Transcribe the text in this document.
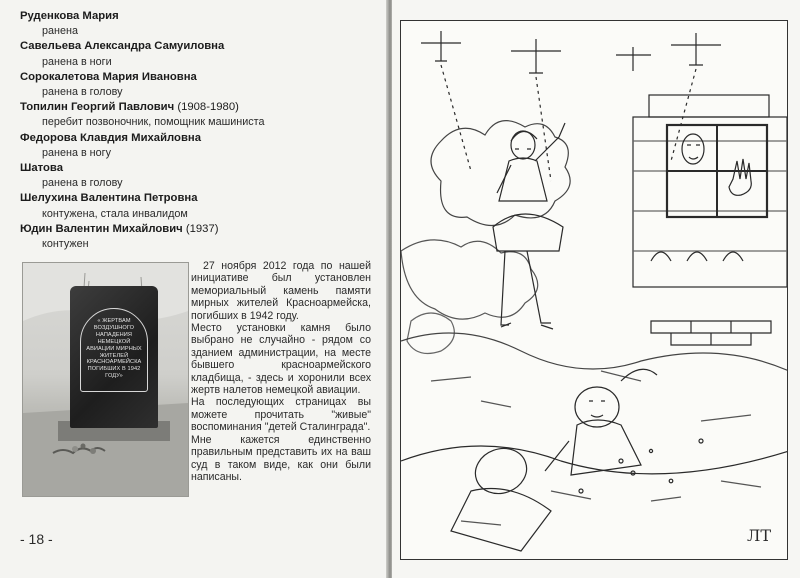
Руденкова Мария
ранена
Савельева Александра Самуиловна
ранена в ноги
Сорокалетова Мария Ивановна
ранена в голову
Топилин Георгий Павлович (1908-1980)
перебит позвоночник, помощник машиниста
Федорова Клавдия Михайловна
ранена в ногу
Шатова
ранена в голову
Шелухина Валентина Петровна
контужена, стала инвалидом
Юдин Валентин Михайлович (1937)
контужен
« ЖЕРТВАМ ВОЗДУШНОГО НАПАДЕНИЯ НЕМЕЦКОЙ АВИАЦИИ МИРНЫХ ЖИТЕЛЕЙ КРАСНОАРМЕЙСКА ПОГИБШИХ В 1942 ГОДУ»

27 ноября 2012 года по нашей инициативе был установлен мемориальный камень памяти мирных жителей Красноармейска, погибших в 1942 году.

Место установки камня было выбрано не случайно - рядом со зданием администрации, на месте бывшего красноармейского кладбища, - здесь и хоронили всех жертв налетов немецкой авиации.

На последующих страницах вы можете прочитать "живые" воспоминания "детей Сталинграда".

Мне кажется единственно правильным представить их на ваш суд в таком виде, как они были написаны.

- 18 -	ЛТ
